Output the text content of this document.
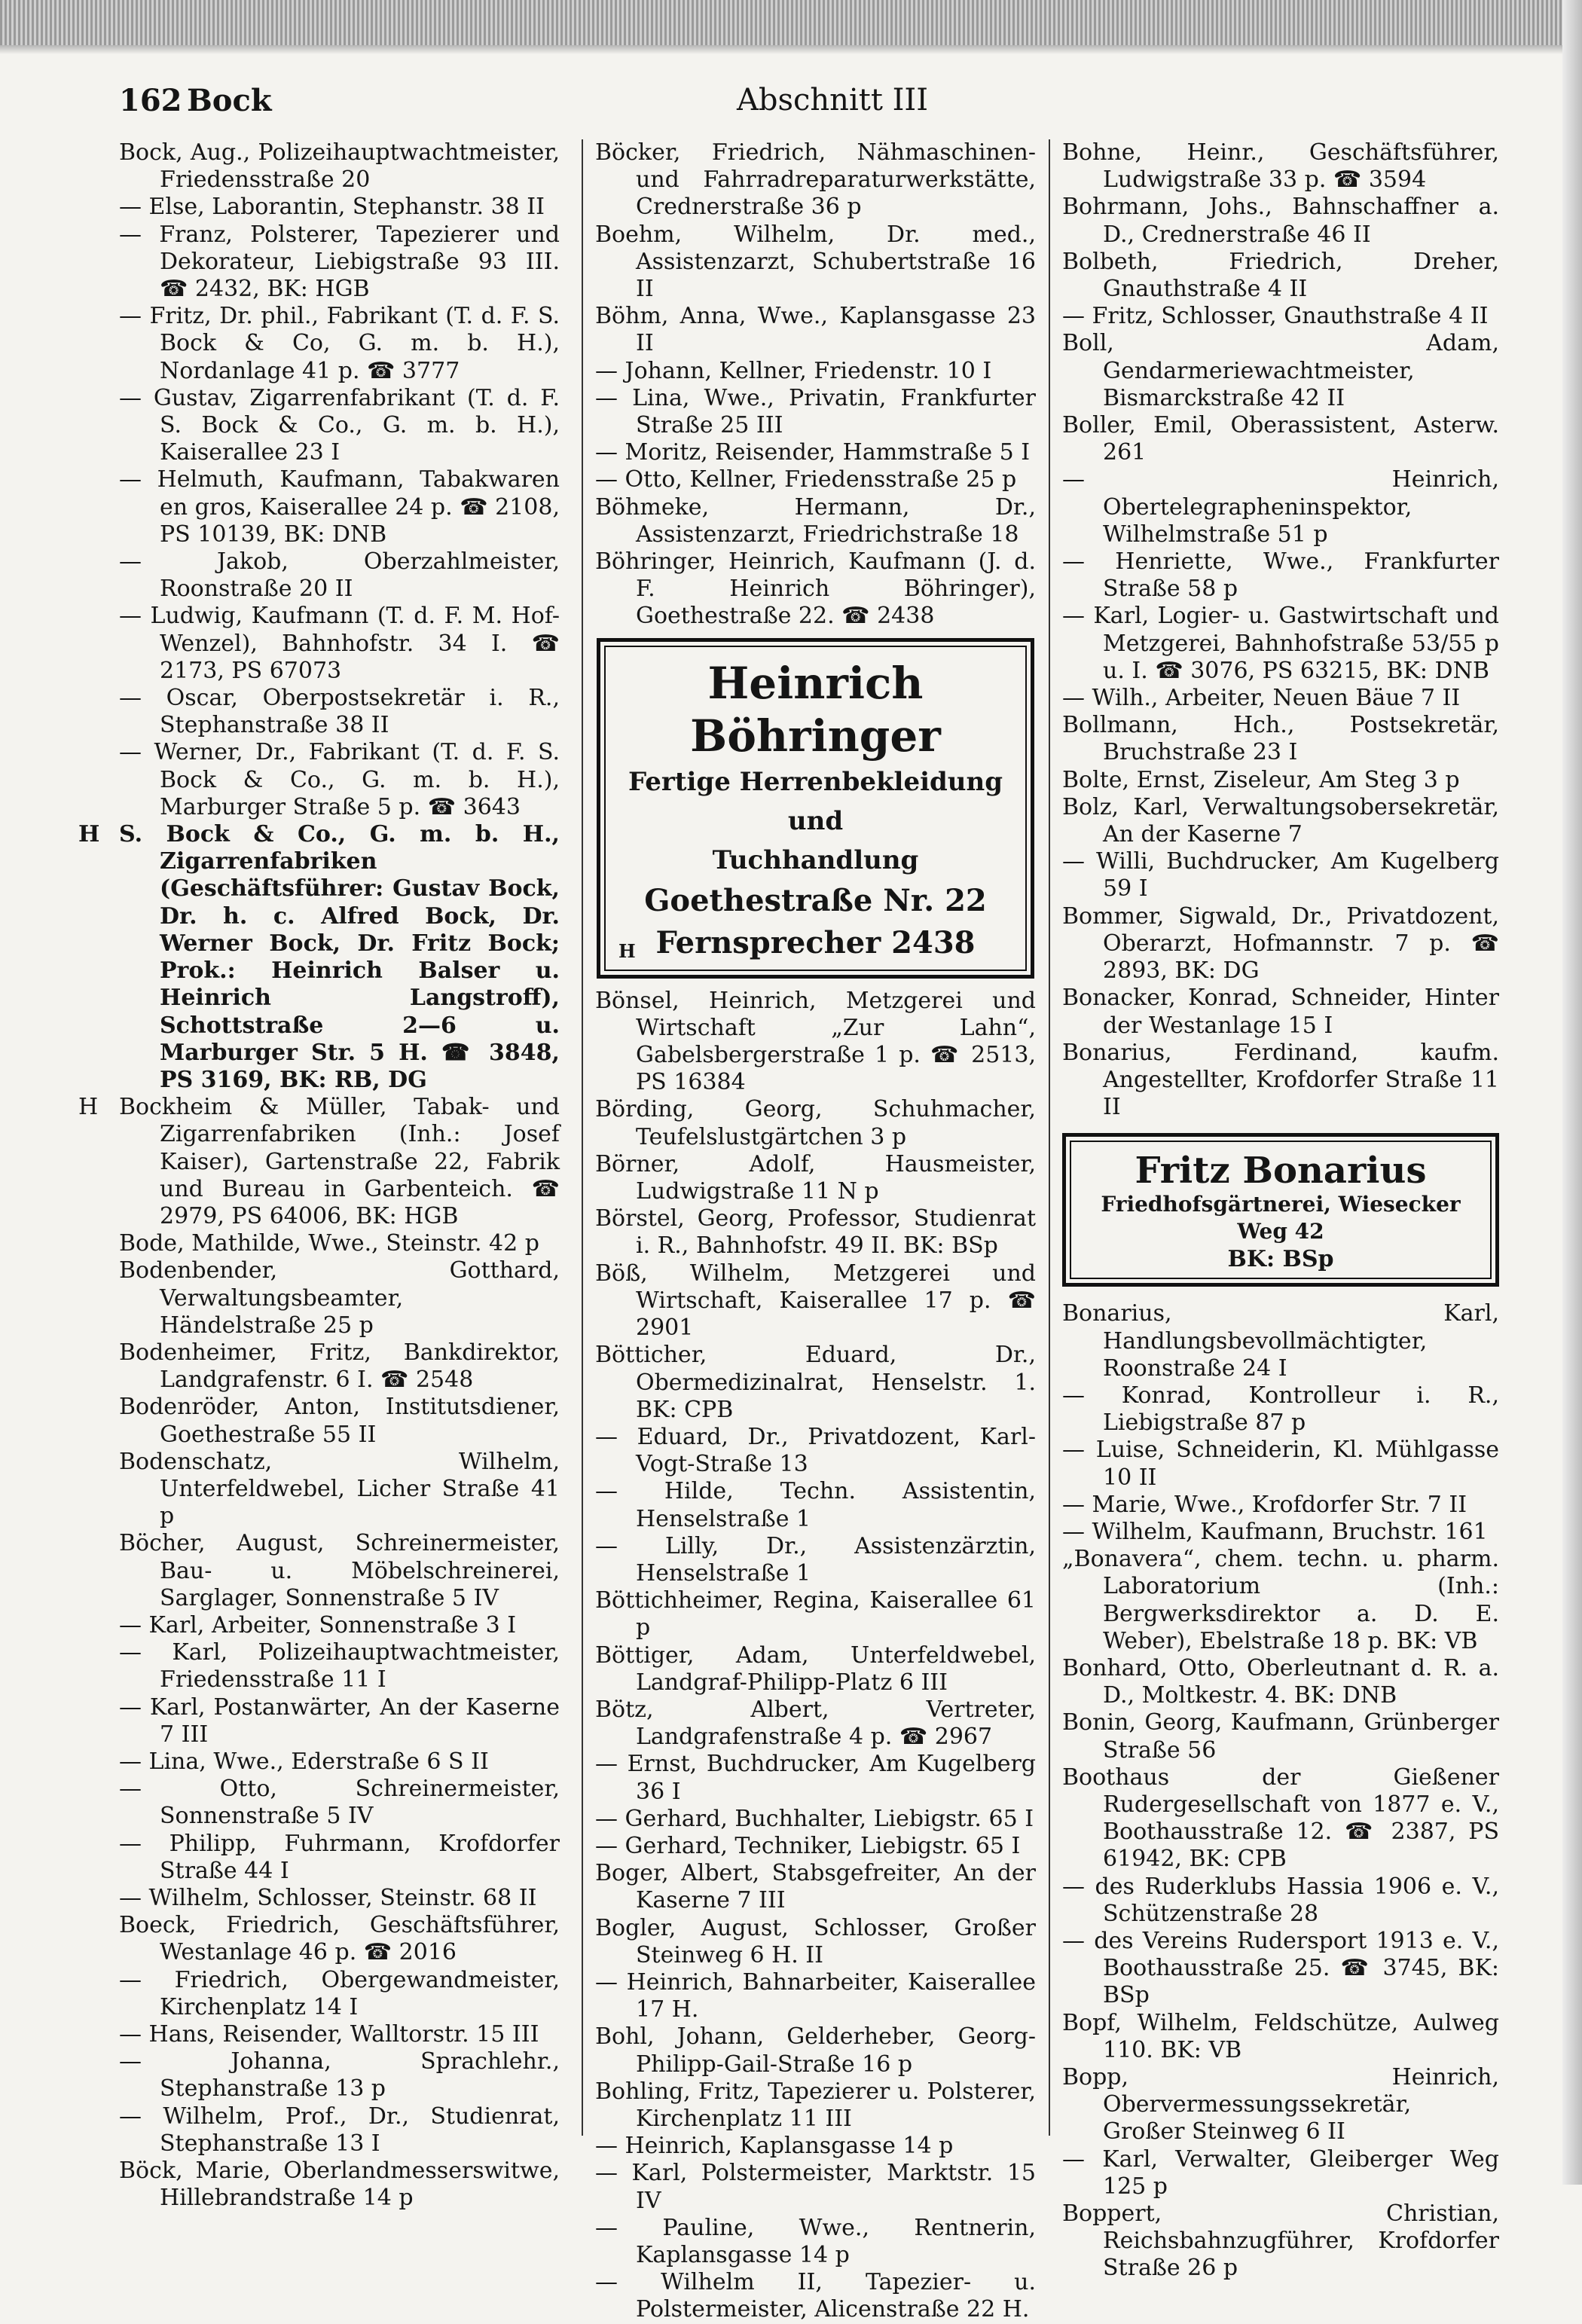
162 Bock	Abschnitt III
Bock, Aug., Polizeihauptwachtmeister, Friedensstraße 20
— Else, Laborantin, Stephanstr. 38 II
— Franz, Polsterer, Tapezierer und Dekorateur, Liebigstraße 93 III. ☎ 2432, BK: HGB
— Fritz, Dr. phil., Fabrikant (T. d. F. S. Bock & Co, G. m. b. H.), Nordanlage 41 p. ☎ 3777
— Gustav, Zigarrenfabrikant (T. d. F. S. Bock & Co., G. m. b. H.), Kaiserallee 23 I
— Helmuth, Kaufmann, Tabakwaren en gros, Kaiserallee 24 p. ☎ 2108, PS 10139, BK: DNB
— Jakob, Oberzahlmeister, Roonstraße 20 II
— Ludwig, Kaufmann (T. d. F. M. Hof-Wenzel), Bahnhofstr. 34 I. ☎ 2173, PS 67073
— Oscar, Oberpostsekretär i. R., Stephanstraße 38 II
— Werner, Dr., Fabrikant (T. d. F. S. Bock & Co., G. m. b. H.), Marburger Straße 5 p. ☎ 3643
H S. Bock & Co., G. m. b. H., Zigarrenfabriken (Geschäftsführer: Gustav Bock, Dr. h. c. Alfred Bock, Dr. Werner Bock, Dr. Fritz Bock; Prok.: Heinrich Balser u. Heinrich Langstroff), Schottstraße 2—6 u. Marburger Str. 5 H. ☎ 3848, PS 3169, BK: RB, DG
H Bockheim & Müller, Tabak- und Zigarrenfabriken (Inh.: Josef Kaiser), Gartenstraße 22, Fabrik und Bureau in Garbenteich. ☎ 2979, PS 64006, BK: HGB
Bode, Mathilde, Wwe., Steinstr. 42 p
Bodenbender, Gotthard, Verwaltungsbeamter, Händelstraße 25 p
Bodenheimer, Fritz, Bankdirektor, Landgrafenstr. 6 I. ☎ 2548
Bodenröder, Anton, Institutsdiener, Goethestraße 55 II
Bodenschatz, Wilhelm, Unterfeldwebel, Licher Straße 41 p
Böcher, August, Schreinermeister, Bau- u. Möbelschreinerei, Sarglager, Sonnenstraße 5 IV
— Karl, Arbeiter, Sonnenstraße 3 I
— Karl, Polizeihauptwachtmeister, Friedensstraße 11 I
— Karl, Postanwärter, An der Kaserne 7 III
— Lina, Wwe., Ederstraße 6 S II
— Otto, Schreinermeister, Sonnenstraße 5 IV
— Philipp, Fuhrmann, Krofdorfer Straße 44 I
— Wilhelm, Schlosser, Steinstr. 68 II
Boeck, Friedrich, Geschäftsführer, Westanlage 46 p. ☎ 2016
— Friedrich, Obergewandmeister, Kirchenplatz 14 I
— Hans, Reisender, Walltorstr. 15 III
— Johanna, Sprachlehr., Stephanstraße 13 p
— Wilhelm, Prof., Dr., Studienrat, Stephanstraße 13 I
Böck, Marie, Oberlandmesserswitwe, Hillebrandstraße 14 p
Böcker, Friedrich, Nähmaschinen- und Fahrradreparaturwerkstätte, Crednerstraße 36 p
Boehm, Wilhelm, Dr. med., Assistenzarzt, Schubertstraße 16 II
Böhm, Anna, Wwe., Kaplansgasse 23 II
— Johann, Kellner, Friedenstr. 10 I
— Lina, Wwe., Privatin, Frankfurter Straße 25 III
— Moritz, Reisender, Hammstraße 5 I
— Otto, Kellner, Friedensstraße 25 p
Böhmeke, Hermann, Dr., Assistenzarzt, Friedrichstraße 18
Böhringer, Heinrich, Kaufmann (J. d. F. Heinrich Böhringer), Goethestraße 22. ☎ 2438
Heinrich Böhringer
Fertige Herrenbekleidung und
Tuchhandlung
Goethestraße Nr. 22
Fernsprecher 2438
H
Bönsel, Heinrich, Metzgerei und Wirtschaft „Zur Lahn“, Gabelsbergerstraße 1 p. ☎ 2513, PS 16384
Börding, Georg, Schuhmacher, Teufelslustgärtchen 3 p
Börner, Adolf, Hausmeister, Ludwigstraße 11 N p
Börstel, Georg, Professor, Studienrat i. R., Bahnhofstr. 49 II. BK: BSp
Böß, Wilhelm, Metzgerei und Wirtschaft, Kaiserallee 17 p. ☎ 2901
Bötticher, Eduard, Dr., Obermedizinalrat, Henselstr. 1. BK: CPB
— Eduard, Dr., Privatdozent, Karl-Vogt-Straße 13
— Hilde, Techn. Assistentin, Henselstraße 1
— Lilly, Dr., Assistenzärztin, Henselstraße 1
Böttichheimer, Regina, Kaiserallee 61 p
Böttiger, Adam, Unterfeldwebel, Landgraf-Philipp-Platz 6 III
Bötz, Albert, Vertreter, Landgrafenstraße 4 p. ☎ 2967
— Ernst, Buchdrucker, Am Kugelberg 36 I
— Gerhard, Buchhalter, Liebigstr. 65 I
— Gerhard, Techniker, Liebigstr. 65 I
Boger, Albert, Stabsgefreiter, An der Kaserne 7 III
Bogler, August, Schlosser, Großer Steinweg 6 H. II
— Heinrich, Bahnarbeiter, Kaiserallee 17 H.
Bohl, Johann, Gelderheber, Georg-Philipp-Gail-Straße 16 p
Bohling, Fritz, Tapezierer u. Polsterer, Kirchenplatz 11 III
— Heinrich, Kaplansgasse 14 p
— Karl, Polstermeister, Marktstr. 15 IV
— Pauline, Wwe., Rentnerin, Kaplansgasse 14 p
— Wilhelm II, Tapezier- u. Polstermeister, Alicenstraße 22 H.
Bohne, Heinr., Geschäftsführer, Ludwigstraße 33 p. ☎ 3594
Bohrmann, Johs., Bahnschaffner a. D., Crednerstraße 46 II
Bolbeth, Friedrich, Dreher, Gnauthstraße 4 II
— Fritz, Schlosser, Gnauthstraße 4 II
Boll, Adam, Gendarmeriewachtmeister, Bismarckstraße 42 II
Boller, Emil, Oberassistent, Asterw. 261
— Heinrich, Obertelegrapheninspektor, Wilhelmstraße 51 p
— Henriette, Wwe., Frankfurter Straße 58 p
— Karl, Logier- u. Gastwirtschaft und Metzgerei, Bahnhofstraße 53/55 p u. I. ☎ 3076, PS 63215, BK: DNB
— Wilh., Arbeiter, Neuen Bäue 7 II
Bollmann, Hch., Postsekretär, Bruchstraße 23 I
Bolte, Ernst, Ziseleur, Am Steg 3 p
Bolz, Karl, Verwaltungsobersekretär, An der Kaserne 7
— Willi, Buchdrucker, Am Kugelberg 59 I
Bommer, Sigwald, Dr., Privatdozent, Oberarzt, Hofmannstr. 7 p. ☎ 2893, BK: DG
Bonacker, Konrad, Schneider, Hinter der Westanlage 15 I
Bonarius, Ferdinand, kaufm. Angestellter, Krofdorfer Straße 11 II
Fritz Bonarius
Friedhofsgärtnerei, Wiesecker Weg 42
BK: BSp
Bonarius, Karl, Handlungsbevollmächtigter, Roonstraße 24 I
— Konrad, Kontrolleur i. R., Liebigstraße 87 p
— Luise, Schneiderin, Kl. Mühlgasse 10 II
— Marie, Wwe., Krofdorfer Str. 7 II
— Wilhelm, Kaufmann, Bruchstr. 161
„Bonavera“, chem. techn. u. pharm. Laboratorium (Inh.: Bergwerksdirektor a. D. E. Weber), Ebelstraße 18 p. BK: VB
Bonhard, Otto, Oberleutnant d. R. a. D., Moltkestr. 4. BK: DNB
Bonin, Georg, Kaufmann, Grünberger Straße 56
Boothaus der Gießener Rudergesellschaft von 1877 e. V., Boothausstraße 12. ☎ 2387, PS 61942, BK: CPB
— des Ruderklubs Hassia 1906 e. V., Schützenstraße 28
— des Vereins Rudersport 1913 e. V., Boothausstraße 25. ☎ 3745, BK: BSp
Bopf, Wilhelm, Feldschütze, Aulweg 110. BK: VB
Bopp, Heinrich, Obervermessungssekretär, Großer Steinweg 6 II
— Karl, Verwalter, Gleiberger Weg 125 p
Boppert, Christian, Reichsbahnzugführer, Krofdorfer Straße 26 p
